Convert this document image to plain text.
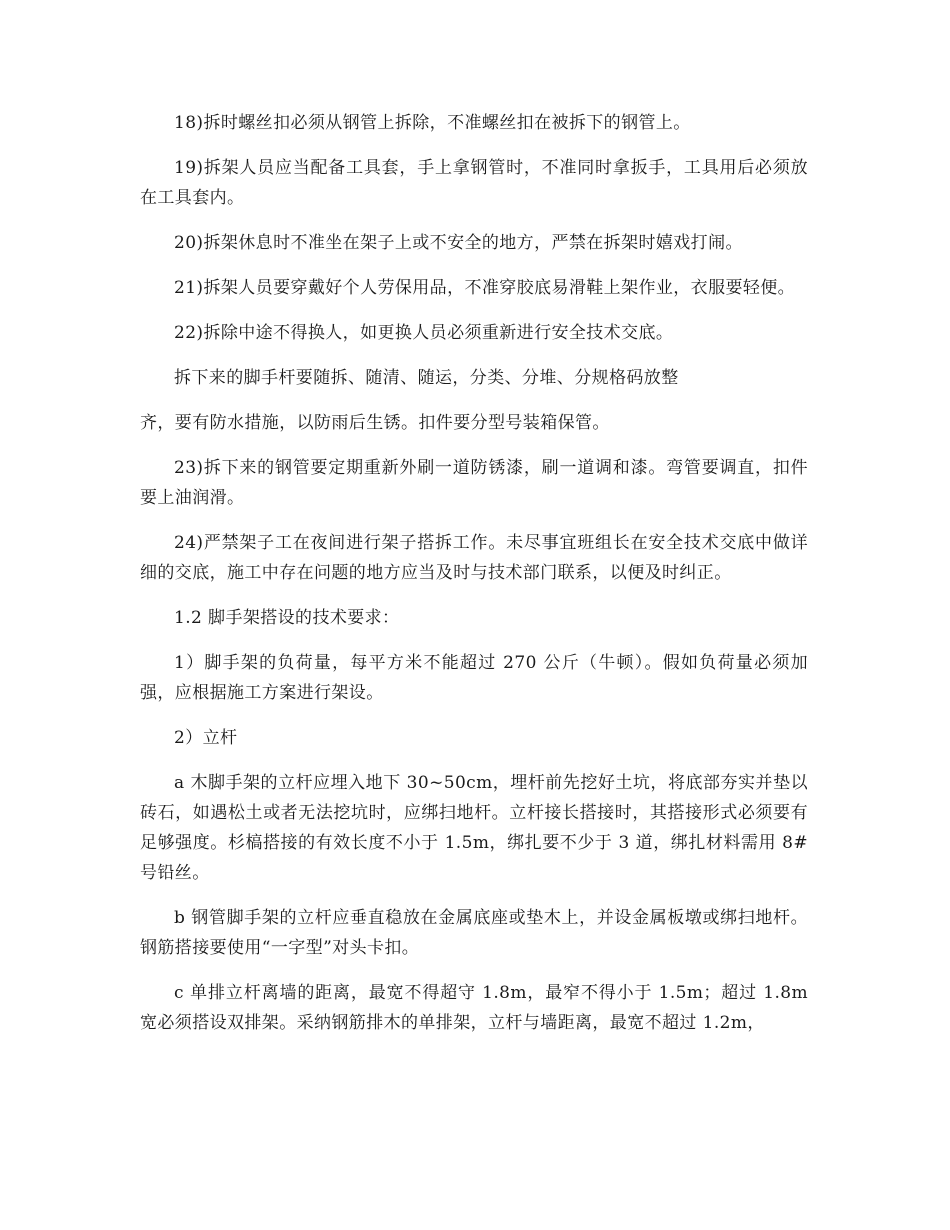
18)拆时螺丝扣必须从钢管上拆除，不准螺丝扣在被拆下的钢管上。

19)拆架人员应当配备工具套，手上拿钢管时，不准同时拿扳手，工具用后必须放在工具套内。

20)拆架休息时不准坐在架子上或不安全的地方，严禁在拆架时嬉戏打闹。

21)拆架人员要穿戴好个人劳保用品，不准穿胶底易滑鞋上架作业，衣服要轻便。

22)拆除中途不得换人，如更换人员必须重新进行安全技术交底。

拆下来的脚手杆要随拆、随清、随运，分类、分堆、分规格码放整

齐，要有防水措施，以防雨后生锈。扣件要分型号装箱保管。

23)拆下来的钢管要定期重新外刷一道防锈漆，刷一道调和漆。弯管要调直，扣件要上油润滑。

24)严禁架子工在夜间进行架子搭拆工作。未尽事宜班组长在安全技术交底中做详细的交底，施工中存在问题的地方应当及时与技术部门联系，以便及时纠正。

1.2 脚手架搭设的技术要求：

1）脚手架的负荷量，每平方米不能超过 270 公斤（牛顿）。假如负荷量必须加强，应根据施工方案进行架设。

2）立杆

a 木脚手架的立杆应埋入地下 30~50cm，埋杆前先挖好土坑，将底部夯实并垫以砖石，如遇松土或者无法挖坑时，应绑扫地杆。立杆接长搭接时，其搭接形式必须要有足够强度。杉槁搭接的有效长度不小于 1.5m，绑扎要不少于 3 道，绑扎材料需用 8#号铅丝。

b 钢管脚手架的立杆应垂直稳放在金属底座或垫木上，并设金属板墩或绑扫地杆。钢筋搭接要使用“一字型”对头卡扣。

c 单排立杆离墙的距离，最宽不得超守 1.8m，最窄不得小于 1.5m；超过 1.8m 宽必须搭设双排架。采纳钢筋排木的单排架，立杆与墙距离，最宽不超过 1.2m，
